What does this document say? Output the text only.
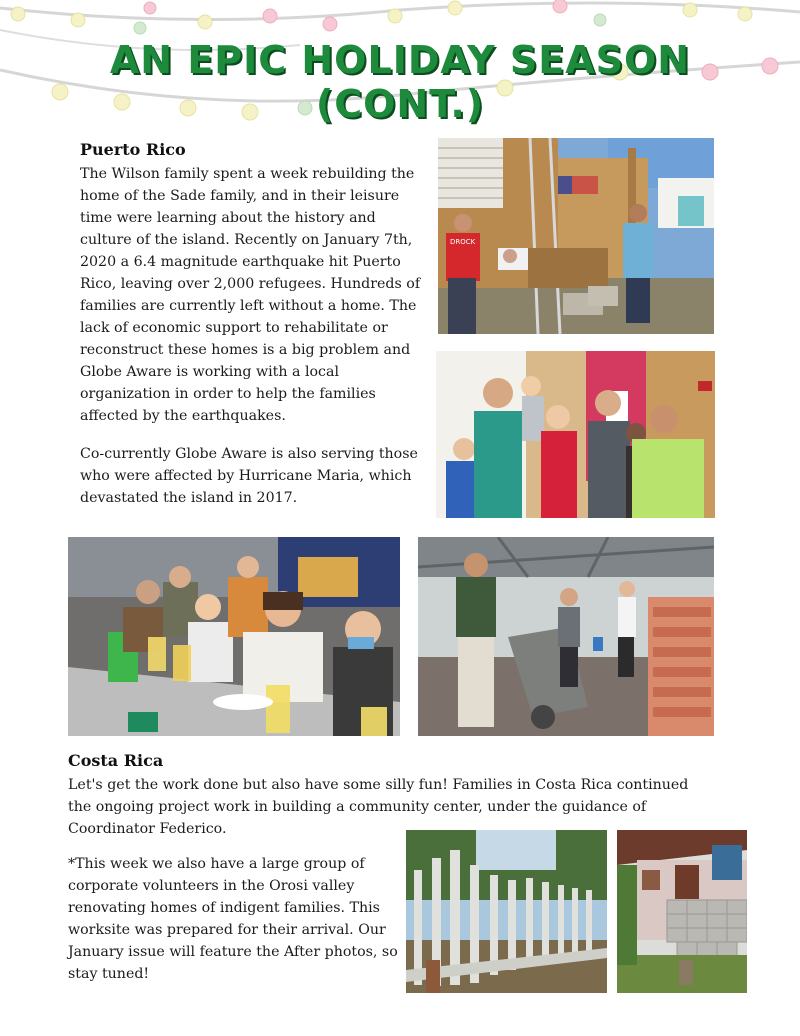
AN EPIC HOLIDAY SEASON
(CONT.)
Puerto Rico

The Wilson family spent a week rebuilding the home of the Sade family, and in their leisure time were learning about the history and culture of the island. Recently on January 7th, 2020 a 6.4 magnitude earthquake hit Puerto Rico, leaving over 2,000 refugees. Hundreds of families are currently left without a home. The lack of economic support to rehabilitate or reconstruct these homes is a big problem and Globe Aware is working with a local organization in order to help the families affected by the earthquakes.

Co-currently Globe Aware is also serving those who were affected by Hurricane Maria, which devastated the island in 2017.

DROCK
Costa Rica

Let's get the work done but also have some silly fun! Families in Costa Rica continued the ongoing project work in building a community center, under the guidance of Coordinator Federico.

*This week we also have a large group of corporate volunteers in the Orosi valley renovating homes of indigent families. This worksite was prepared for their arrival. Our January issue will feature the After photos, so stay tuned!
